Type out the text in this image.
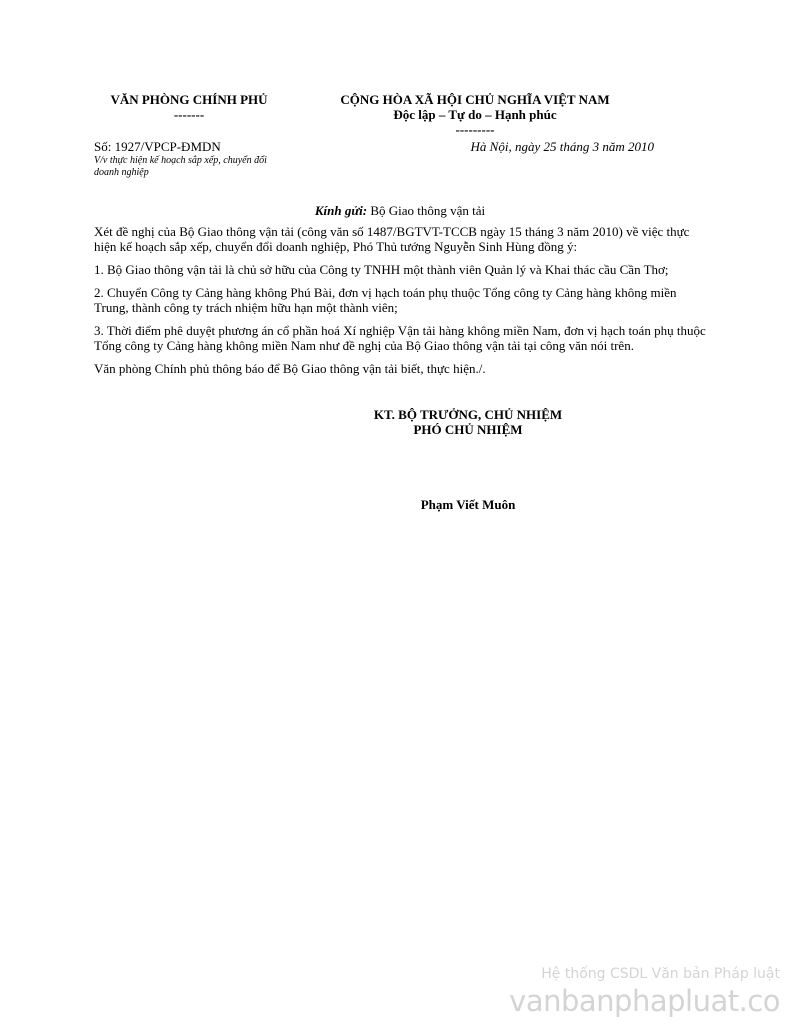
VĂN PHÒNG CHÍNH PHỦ
-------
CỘNG HÒA XÃ HỘI CHỦ NGHĨA VIỆT NAM
Độc lập – Tự do – Hạnh phúc
---------
Số: 1927/VPCP-ĐMDN
V/v thực hiện kế hoạch sắp xếp, chuyển đổi
doanh nghiệp
Hà Nội, ngày 25 tháng 3 năm 2010
Kính gửi: Bộ Giao thông vận tải

Xét đề nghị của Bộ Giao thông vận tải (công văn số 1487/BGTVT-TCCB ngày 15 tháng 3 năm 2010) về việc thực hiện kế hoạch sắp xếp, chuyển đổi doanh nghiệp, Phó Thủ tướng Nguyễn Sinh Hùng đồng ý:

1. Bộ Giao thông vận tải là chủ sở hữu của Công ty TNHH một thành viên Quản lý và Khai thác cầu Cần Thơ;

2. Chuyển Công ty Cảng hàng không Phú Bài, đơn vị hạch toán phụ thuộc Tổng công ty Cảng hàng không miền Trung, thành công ty trách nhiệm hữu hạn một thành viên;

3. Thời điểm phê duyệt phương án cổ phần hoá Xí nghiệp Vận tải hàng không miền Nam, đơn vị hạch toán phụ thuộc Tổng công ty Cảng hàng không miền Nam như đề nghị của Bộ Giao thông vận tải tại công văn nói trên.

Văn phòng Chính phủ thông báo để Bộ Giao thông vận tải biết, thực hiện./.

KT. BỘ TRƯỞNG, CHỦ NHIỆM
PHÓ CHỦ NHIỆM
Phạm Viết Muôn
Hệ thống CSDL Văn bản Pháp luật
vanbanphapluat.co
